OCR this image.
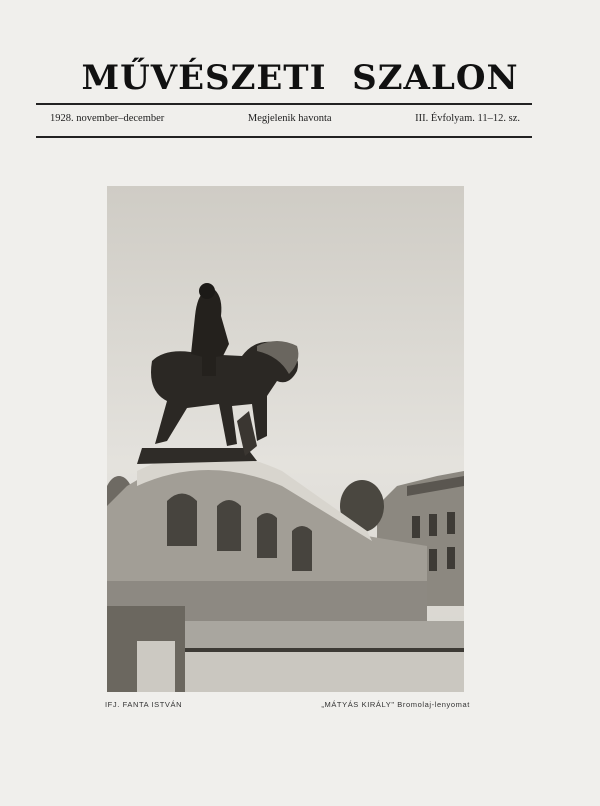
MŰVÉSZETI  SZALON
1928. november–december	Megjelenik havonta	III. Évfolyam. 11–12. sz.
IFJ. FANTA ISTVÁN	„MÁTYÁS KIRÁLY" Bromolaj-lenyomat
